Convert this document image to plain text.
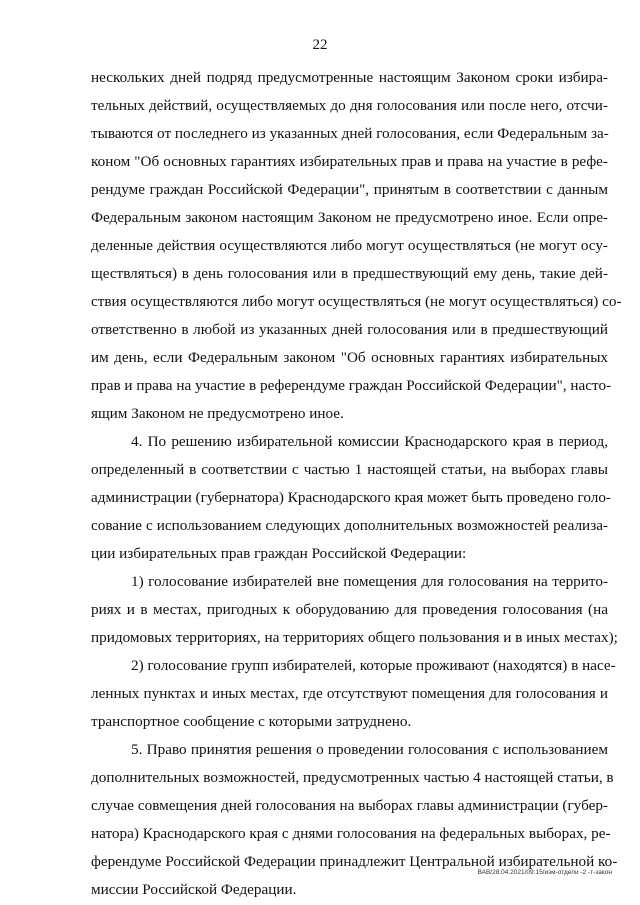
22
нескольких дней подряд предусмотренные настоящим Законом сроки избира-
тельных действий, осуществляемых до дня голосования или после него, отсчи-
тываются от последнего из указанных дней голосования, если Федеральным за-
коном "Об основных гарантиях избирательных прав и права на участие в рефе-
рендуме граждан Российской Федерации", принятым в соответствии с данным
Федеральным законом настоящим Законом не предусмотрено иное. Если опре-
деленные действия осуществляются либо могут осуществляться (не могут осу-
ществляться) в день голосования или в предшествующий ему день, такие дей-
ствия осуществляются либо могут осуществляться (не могут осуществляться) со-
ответственно в любой из указанных дней голосования или в предшествующий
им день, если Федеральным законом "Об основных гарантиях избирательных
прав и права на участие в референдуме граждан Российской Федерации", насто-
ящим Законом не предусмотрено иное.
4. По решению избирательной комиссии Краснодарского края в период,
определенный в соответствии с частью 1 настоящей статьи, на выборах главы
администрации (губернатора) Краснодарского края может быть проведено голо-
сование с использованием следующих дополнительных возможностей реализа-
ции избирательных прав граждан Российской Федерации:
1) голосование избирателей вне помещения для голосования на террито-
риях и в местах, пригодных к оборудованию для проведения голосования (на
придомовых территориях, на территориях общего пользования и в иных местах);
2) голосование групп избирателей, которые проживают (находятся) в насе-
ленных пунктах и иных местах, где отсутствуют помещения для голосования и
транспортное сообщение с которыми затруднено.
5. Право принятия решения о проведении голосования с использованием
дополнительных возможностей, предусмотренных частью 4 настоящей статьи, в
случае совмещения дней голосования на выборах главы администрации (губер-
натора) Краснодарского края с днями голосования на федеральных выборах, ре-
ферендуме Российской Федерации принадлежит Центральной избирательной ко-
миссии Российской Федерации.
ВАВ/28.04.2021/09:15/изм-отдели -2 -т-закон
